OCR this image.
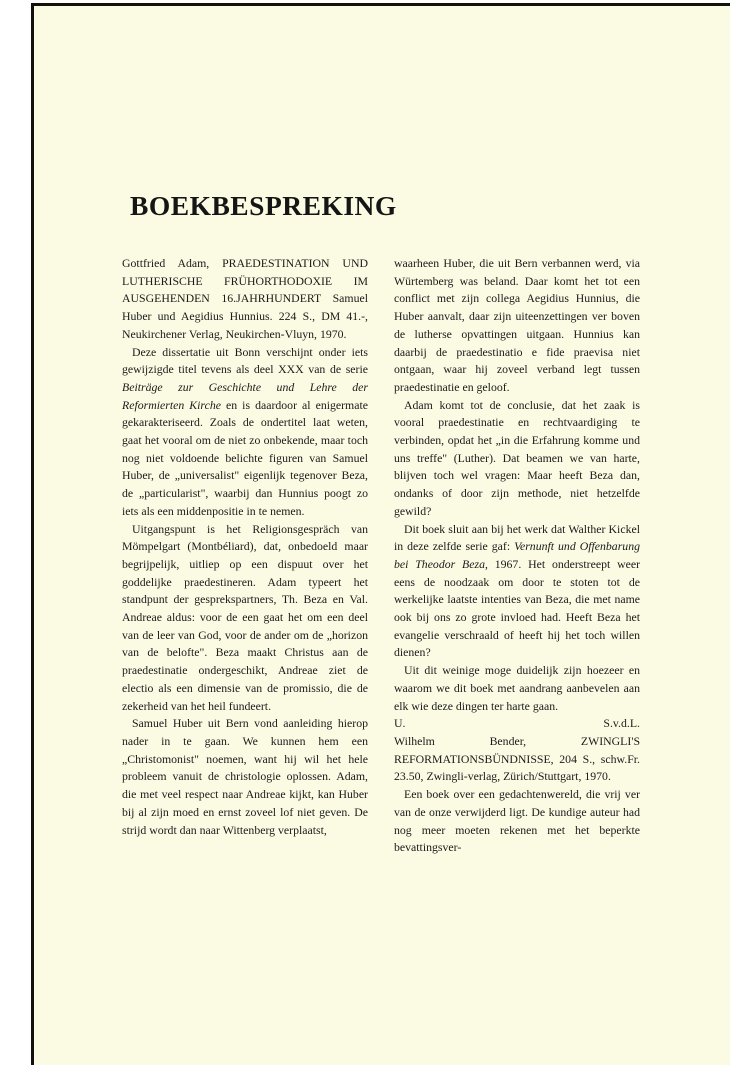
BOEKBESPREKING

Gottfried Adam, PRAEDESTINATION UND LUTHERISCHE FRÜHORTHODOXIE IM AUSGEHENDEN 16.JAHRHUNDERT Samuel Huber und Aegidius Hunnius. 224 S., DM 41.-, Neukirchener Verlag, Neukirchen-Vluyn, 1970.

Deze dissertatie uit Bonn verschijnt onder iets gewijzigde titel tevens als deel XXX van de serie Beiträge zur Geschichte und Lehre der Reformierten Kirche en is daardoor al enigermate gekarakteriseerd. Zoals de ondertitel laat weten, gaat het vooral om de niet zo onbekende, maar toch nog niet voldoende belichte figuren van Samuel Huber, de „universalist" eigenlijk tegenover Beza, de „particularist", waarbij dan Hunnius poogt zo iets als een middenpositie in te nemen.

Uitgangspunt is het Religionsgespräch van Mömpelgart (Montbéliard), dat, onbedoeld maar begrijpelijk, uitliep op een dispuut over het goddelijke praedestineren. Adam typeert het standpunt der gesprekspartners, Th. Beza en Val. Andreae aldus: voor de een gaat het om een deel van de leer van God, voor de ander om de „horizon van de belofte". Beza maakt Christus aan de praedestinatie ondergeschikt, Andreae ziet de electio als een dimensie van de promissio, die de zekerheid van het heil fundeert.

Samuel Huber uit Bern vond aanleiding hierop nader in te gaan. We kunnen hem een „Christomonist" noemen, want hij wil het hele probleem vanuit de christologie oplossen. Adam, die met veel respect naar Andreae kijkt, kan Huber bij al zijn moed en ernst zoveel lof niet geven. De strijd wordt dan naar Wittenberg verplaatst,

waarheen Huber, die uit Bern verbannen werd, via Würtemberg was beland. Daar komt het tot een conflict met zijn collega Aegidius Hunnius, die Huber aanvalt, daar zijn uiteenzettingen ver boven de lutherse opvattingen uitgaan. Hunnius kan daarbij de praedestinatio e fide praevisa niet ontgaan, waar hij zoveel verband legt tussen praedestinatie en geloof.

Adam komt tot de conclusie, dat het zaak is vooral praedestinatie en rechtvaardiging te verbinden, opdat het „in die Erfahrung komme und uns treffe" (Luther). Dat beamen we van harte, blijven toch wel vragen: Maar heeft Beza dan, ondanks of door zijn methode, niet hetzelfde gewild?

Dit boek sluit aan bij het werk dat Walther Kickel in deze zelfde serie gaf: Vernunft und Offenbarung bei Theodor Beza, 1967. Het onderstreept weer eens de noodzaak om door te stoten tot de werkelijke laatste intenties van Beza, die met name ook bij ons zo grote invloed had. Heeft Beza het evangelie verschraald of heeft hij het toch willen dienen?

Uit dit weinige moge duidelijk zijn hoezeer en waarom we dit boek met aandrang aanbevelen aan elk wie deze dingen ter harte gaan.

U.	S.v.d.L.

Wilhelm Bender, ZWINGLI'S REFORMATIONSBÜNDNISSE, 204 S., schw.Fr. 23.50, Zwingli-verlag, Zürich/Stuttgart, 1970.

Een boek over een gedachtenwereld, die vrij ver van de onze verwijderd ligt. De kundige auteur had nog meer moeten rekenen met het beperkte bevattingsver-
